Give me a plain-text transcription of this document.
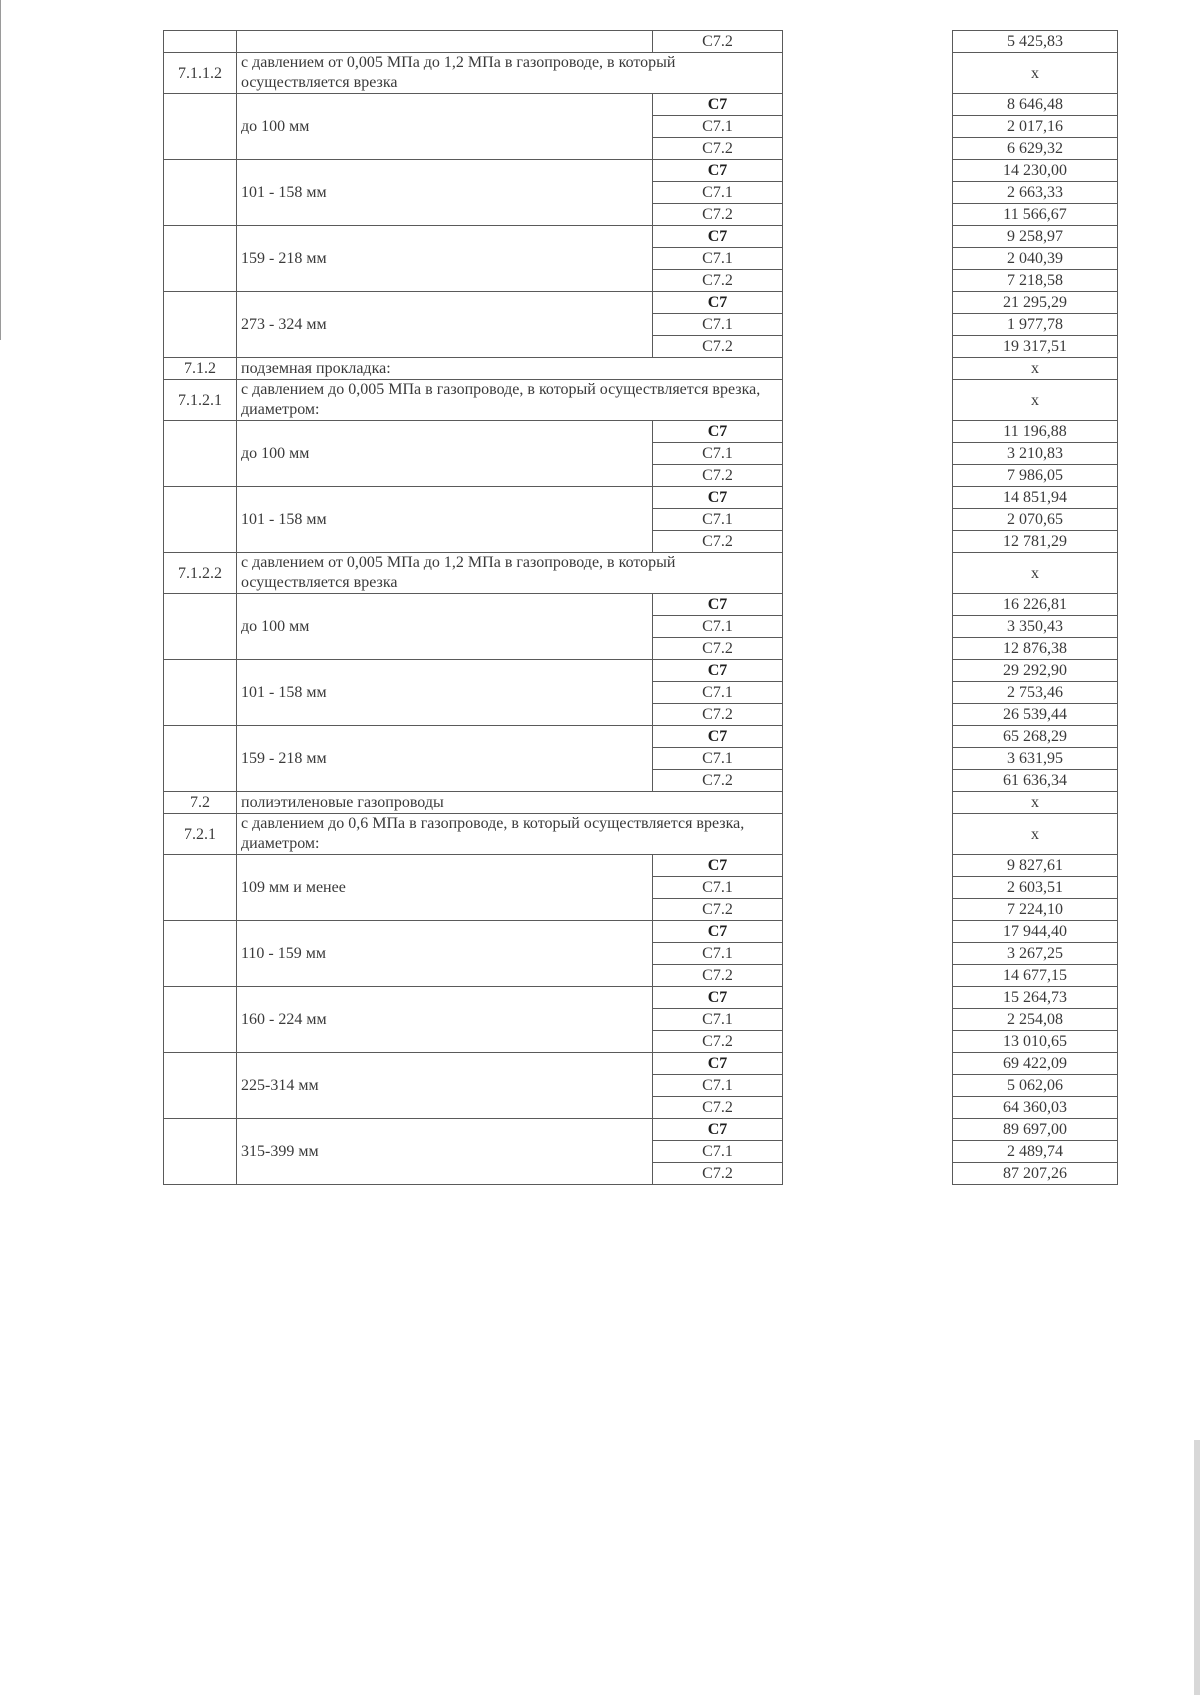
		С7.2		5 425,83
7.1.1.2	с давлением от 0,005 МПа до 1,2 МПа в газопроводе, в который осуществляется врезка			х
	до 100 мм	С7		8 646,48
		С7.1		2 017,16
		С7.2		6 629,32
	101 - 158 мм	С7		14 230,00
		С7.1		2 663,33
		С7.2		11 566,67
	159 - 218 мм	С7		9 258,97
		С7.1		2 040,39
		С7.2		7 218,58
	273 - 324 мм	С7		21 295,29
		С7.1		1 977,78
		С7.2		19 317,51
7.1.2	подземная прокладка:			х
7.1.2.1	с давлением до 0,005 МПа в газопроводе, в который осуществляется врезка, диаметром:			х
	до 100 мм	С7		11 196,88
		С7.1		3 210,83
		С7.2		7 986,05
	101 - 158 мм	С7		14 851,94
		С7.1		2 070,65
		С7.2		12 781,29
7.1.2.2	с давлением от 0,005 МПа до 1,2 МПа в газопроводе, в который осуществляется врезка			х
	до 100 мм	С7		16 226,81
		С7.1		3 350,43
		С7.2		12 876,38
	101 - 158 мм	С7		29 292,90
		С7.1		2 753,46
		С7.2		26 539,44
	159 - 218 мм	С7		65 268,29
		С7.1		3 631,95
		С7.2		61 636,34
7.2	полиэтиленовые газопроводы			х
7.2.1	с давлением до 0,6 МПа в газопроводе, в который осуществляется врезка, диаметром:			х
	109 мм и менее	С7		9 827,61
		С7.1		2 603,51
		С7.2		7 224,10
	110 - 159 мм	С7		17 944,40
		С7.1		3 267,25
		С7.2		14 677,15
	160 - 224 мм	С7		15 264,73
		С7.1		2 254,08
		С7.2		13 010,65
	225-314 мм	С7		69 422,09
		С7.1		5 062,06
		С7.2		64 360,03
	315-399 мм	С7		89 697,00
		С7.1		2 489,74
		С7.2		87 207,26
